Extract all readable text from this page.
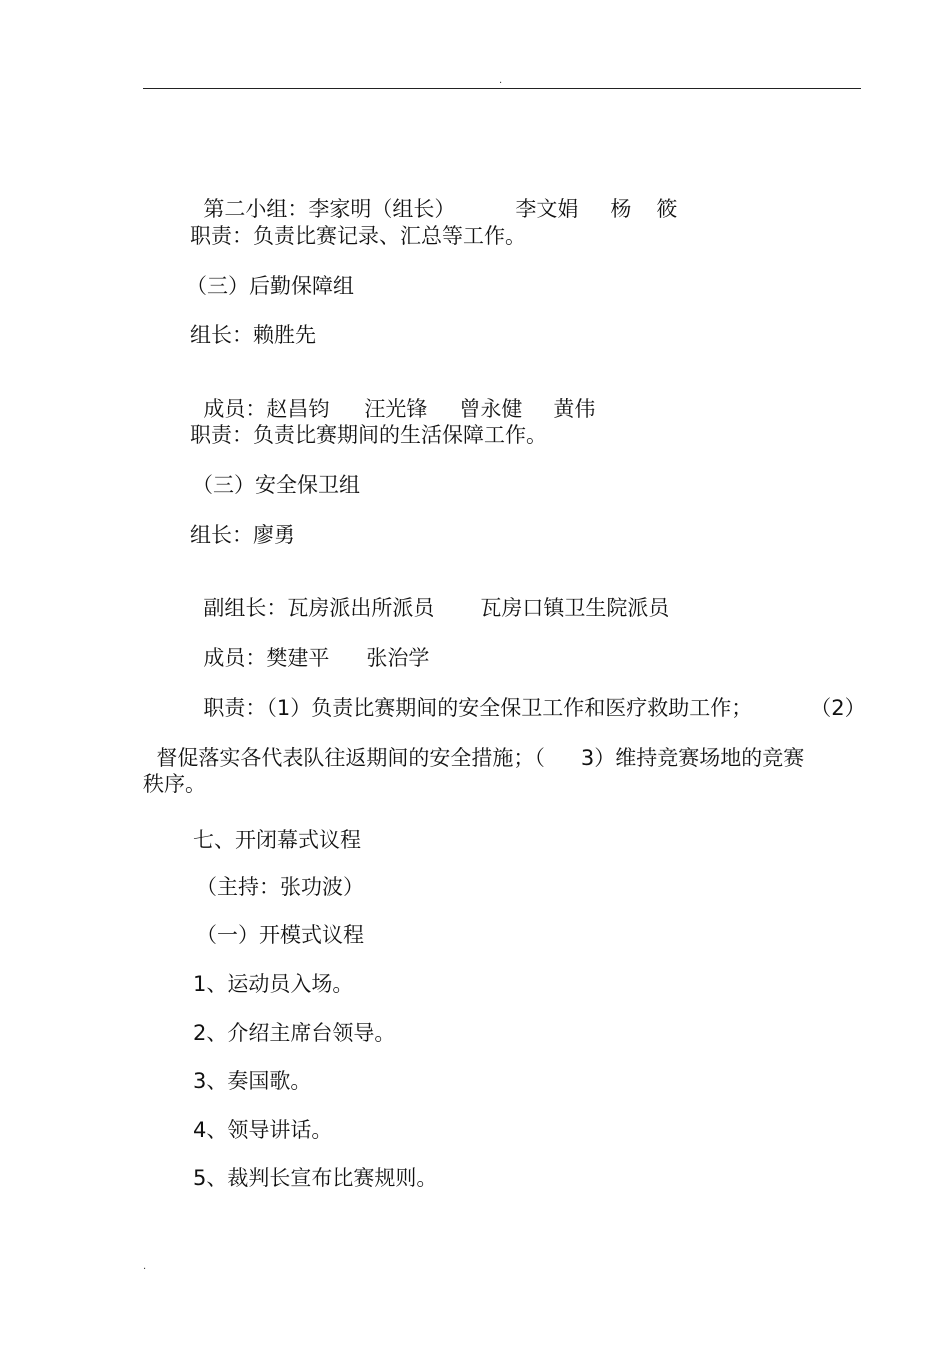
.

第二小组：李家明（组长）	李文娟 杨 筱

职责：负责比赛记录、汇总等工作。
（三）后勤保障组
组长：赖胜先

成员：赵昌钧 汪光锋 曾永健 黄伟

职责：负责比赛期间的生活保障工作。
（三）安全保卫组
组长：廖勇

副组长：瓦房派出所派员 瓦房口镇卫生院派员

成员：樊建平 张治学

职责：（1）负责比赛期间的安全保卫工作和医疗救助工作；	（2）

督促落实各代表队往返期间的安全措施；（ 3）维持竞赛场地的竞赛

秩序。
七、开闭幕式议程
（主持：张功波）
（一）开模式议程
1、运动员入场。
2、介绍主席台领导。
3、奏国歌。
4、领导讲话。
5、裁判长宣布比赛规则。
.
